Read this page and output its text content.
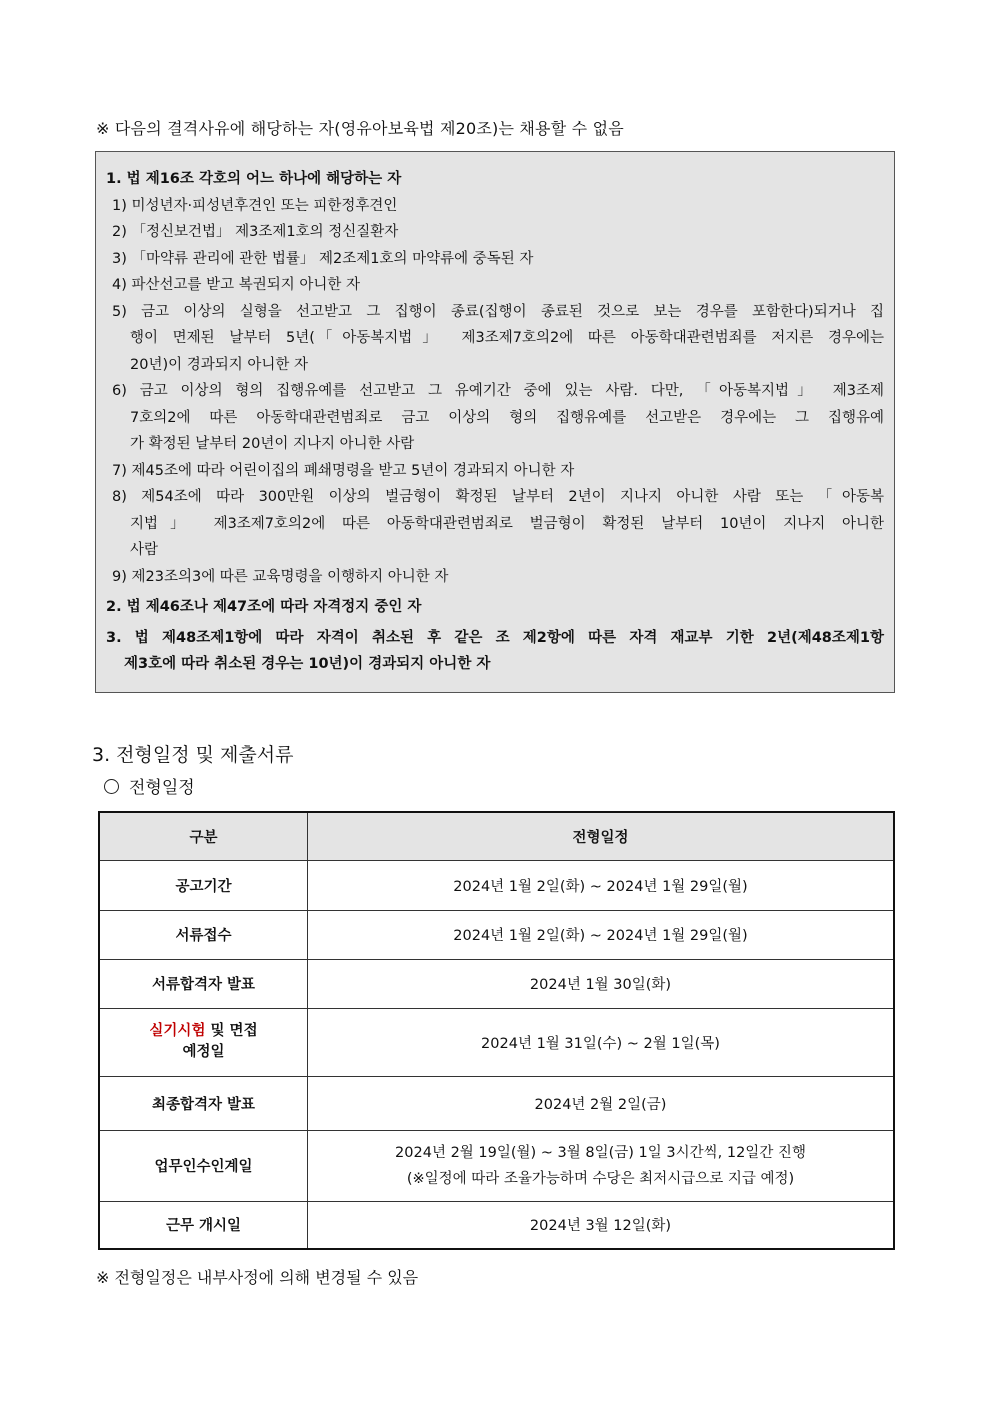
※ 다음의 결격사유에 해당하는 자(영유아보육법 제20조)는 채용할 수 없음
1. 법 제16조 각호의 어느 하나에 해당하는 자
1) 미성년자·피성년후견인 또는 피한정후견인
2) 「정신보건법」 제3조제1호의 정신질환자
3) 「마약류 관리에 관한 법률」 제2조제1호의 마약류에 중독된 자
4) 파산선고를 받고 복권되지 아니한 자
5) 금고 이상의 실형을 선고받고 그 집행이 종료(집행이 종료된 것으로 보는 경우를 포함한다)되거나 집
행이 면제된 날부터 5년(「아동복지법」 제3조제7호의2에 따른 아동학대관련범죄를 저지른 경우에는
20년)이 경과되지 아니한 자
6) 금고 이상의 형의 집행유예를 선고받고 그 유예기간 중에 있는 사람. 다만, 「아동복지법」 제3조제
7호의2에 따른 아동학대관련범죄로 금고 이상의 형의 집행유예를 선고받은 경우에는 그 집행유예
가 확정된 날부터 20년이 지나지 아니한 사람
7) 제45조에 따라 어린이집의 폐쇄명령을 받고 5년이 경과되지 아니한 자
8) 제54조에 따라 300만원 이상의 벌금형이 확정된 날부터 2년이 지나지 아니한 사람 또는 「아동복
지법」 제3조제7호의2에 따른 아동학대관련범죄로 벌금형이 확정된 날부터 10년이 지나지 아니한
사람
9) 제23조의3에 따른 교육명령을 이행하지 아니한 자
2. 법 제46조나 제47조에 따라 자격정지 중인 자
3. 법 제48조제1항에 따라 자격이 취소된 후 같은 조 제2항에 따른 자격 재교부 기한 2년(제48조제1항
제3호에 따라 취소된 경우는 10년)이 경과되지 아니한 자
3. 전형일정 및 제출서류
전형일정
구분	전형일정
공고기간	2024년 1월 2일(화) ~ 2024년 1월 29일(월)
서류접수	2024년 1월 2일(화) ~ 2024년 1월 29일(월)
서류합격자 발표	2024년 1월 30일(화)
실기시험 및 면접
예정일	2024년 1월 31일(수) ~ 2월 1일(목)
최종합격자 발표	2024년 2월 2일(금)
업무인수인계일	2024년 2월 19일(월) ~ 3월 8일(금) 1일 3시간씩, 12일간 진행
(※일정에 따라 조율가능하며 수당은 최저시급으로 지급 예정)
근무 개시일	2024년 3월 12일(화)
※ 전형일정은 내부사정에 의해 변경될 수 있음
